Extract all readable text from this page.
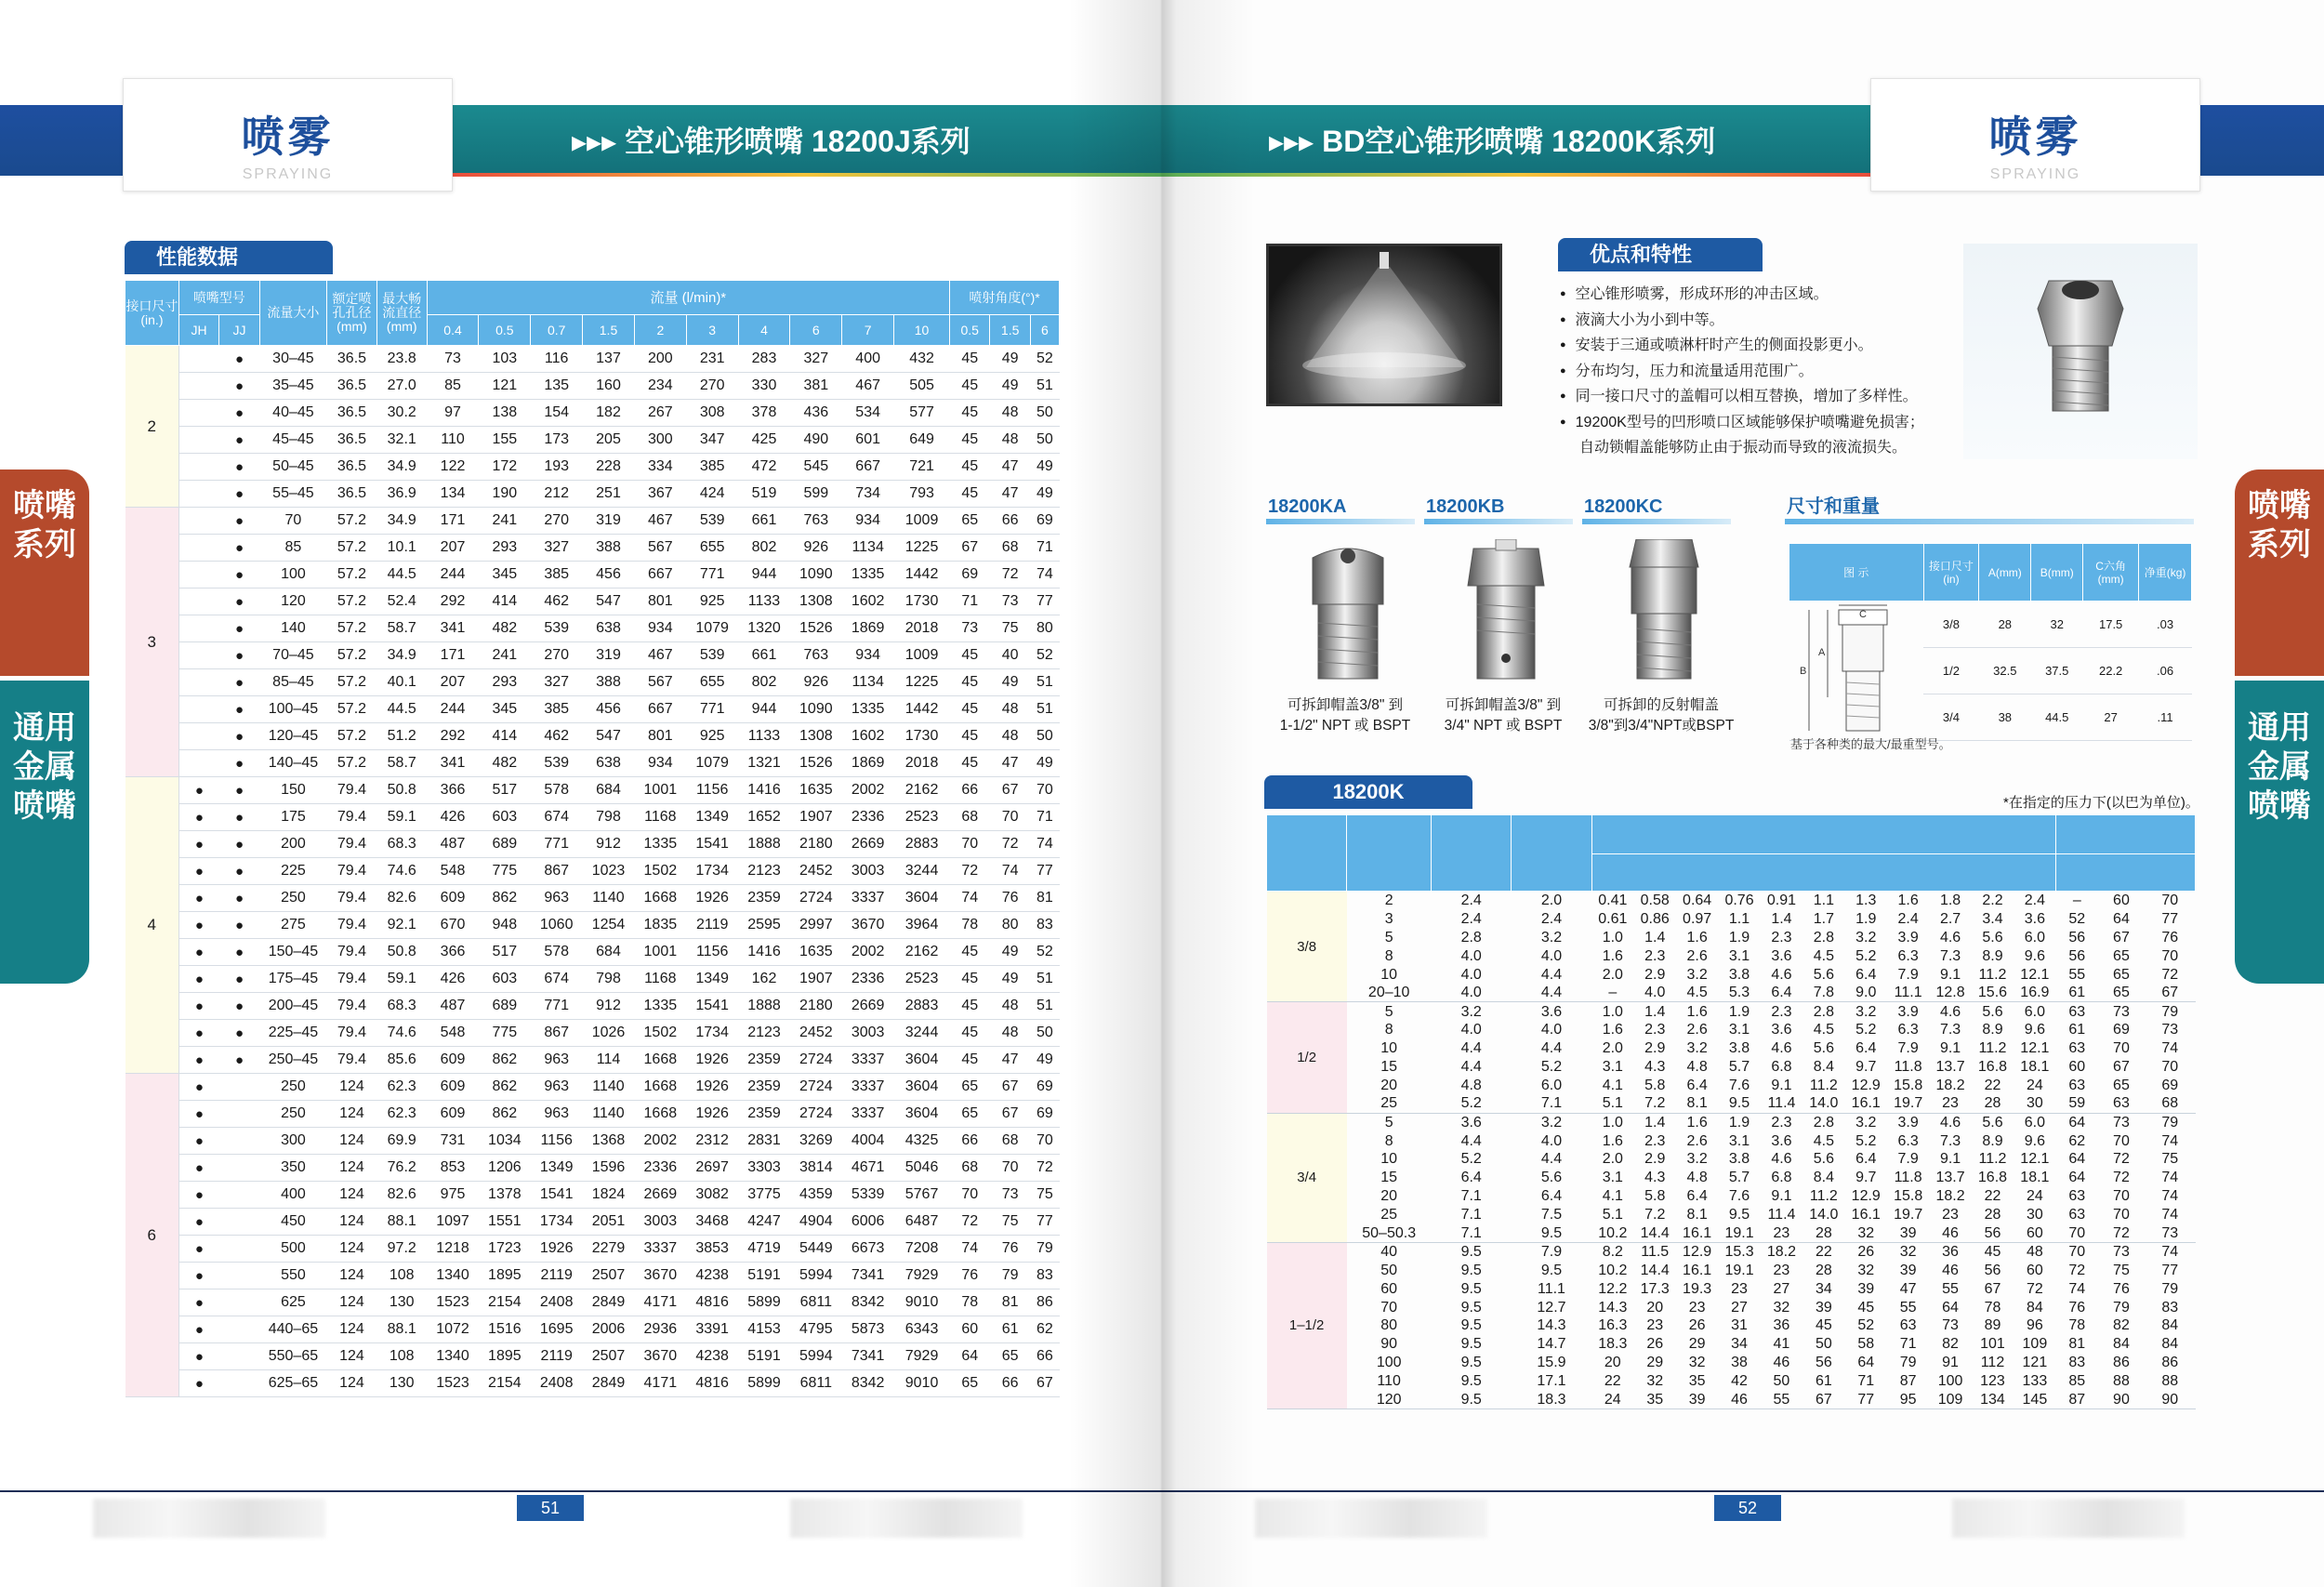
喷雾
SPRAYING
▸▸▸ 空心锥形喷嘴 18200J系列
喷嘴系列
通用金属喷嘴
性能数据
接口尺寸(in.)	喷嘴型号		流量大小	额定喷孔孔径(mm)	最大畅流直径(mm)	流量 (l/min)*										喷射角度(°)*		
	JH	JJ				0.4	0.5	0.7	1.5	2	3	4	6	7	10	0.5	1.5	6
2		●	30–45	36.5	23.8	73	103	116	137	200	231	283	327	400	432	45	49	52
		●	35–45	36.5	27.0	85	121	135	160	234	270	330	381	467	505	45	49	51
		●	40–45	36.5	30.2	97	138	154	182	267	308	378	436	534	577	45	48	50
		●	45–45	36.5	32.1	110	155	173	205	300	347	425	490	601	649	45	48	50
		●	50–45	36.5	34.9	122	172	193	228	334	385	472	545	667	721	45	47	49
		●	55–45	36.5	36.9	134	190	212	251	367	424	519	599	734	793	45	47	49
3		●	70	57.2	34.9	171	241	270	319	467	539	661	763	934	1009	65	66	69
		●	85	57.2	10.1	207	293	327	388	567	655	802	926	1134	1225	67	68	71
		●	100	57.2	44.5	244	345	385	456	667	771	944	1090	1335	1442	69	72	74
		●	120	57.2	52.4	292	414	462	547	801	925	1133	1308	1602	1730	71	73	77
		●	140	57.2	58.7	341	482	539	638	934	1079	1320	1526	1869	2018	73	75	80
		●	70–45	57.2	34.9	171	241	270	319	467	539	661	763	934	1009	45	40	52
		●	85–45	57.2	40.1	207	293	327	388	567	655	802	926	1134	1225	45	49	51
		●	100–45	57.2	44.5	244	345	385	456	667	771	944	1090	1335	1442	45	48	51
		●	120–45	57.2	51.2	292	414	462	547	801	925	1133	1308	1602	1730	45	48	50
		●	140–45	57.2	58.7	341	482	539	638	934	1079	1321	1526	1869	2018	45	47	49
4	●	●	150	79.4	50.8	366	517	578	684	1001	1156	1416	1635	2002	2162	66	67	70
	●	●	175	79.4	59.1	426	603	674	798	1168	1349	1652	1907	2336	2523	68	70	71
	●	●	200	79.4	68.3	487	689	771	912	1335	1541	1888	2180	2669	2883	70	72	74
	●	●	225	79.4	74.6	548	775	867	1023	1502	1734	2123	2452	3003	3244	72	74	77
	●	●	250	79.4	82.6	609	862	963	1140	1668	1926	2359	2724	3337	3604	74	76	81
	●	●	275	79.4	92.1	670	948	1060	1254	1835	2119	2595	2997	3670	3964	78	80	83
	●	●	150–45	79.4	50.8	366	517	578	684	1001	1156	1416	1635	2002	2162	45	49	52
	●	●	175–45	79.4	59.1	426	603	674	798	1168	1349	162	1907	2336	2523	45	49	51
	●	●	200–45	79.4	68.3	487	689	771	912	1335	1541	1888	2180	2669	2883	45	48	51
	●	●	225–45	79.4	74.6	548	775	867	1026	1502	1734	2123	2452	3003	3244	45	48	50
	●	●	250–45	79.4	85.6	609	862	963	114	1668	1926	2359	2724	3337	3604	45	47	49
6	●		250	124	62.3	609	862	963	1140	1668	1926	2359	2724	3337	3604	65	67	69
	●		250	124	62.3	609	862	963	1140	1668	1926	2359	2724	3337	3604	65	67	69
	●		300	124	69.9	731	1034	1156	1368	2002	2312	2831	3269	4004	4325	66	68	70
	●		350	124	76.2	853	1206	1349	1596	2336	2697	3303	3814	4671	5046	68	70	72
	●		400	124	82.6	975	1378	1541	1824	2669	3082	3775	4359	5339	5767	70	73	75
	●		450	124	88.1	1097	1551	1734	2051	3003	3468	4247	4904	6006	6487	72	75	77
	●		500	124	97.2	1218	1723	1926	2279	3337	3853	4719	5449	6673	7208	74	76	79
	●		550	124	108	1340	1895	2119	2507	3670	4238	5191	5994	7341	7929	76	79	83
	●		625	124	130	1523	2154	2408	2849	4171	4816	5899	6811	8342	9010	78	81	86
	●		440–65	124	88.1	1072	1516	1695	2006	2936	3391	4153	4795	5873	6343	60	61	62
	●		550–65	124	108	1340	1895	2119	2507	3670	4238	5191	5994	7341	7929	64	65	66
	●		625–65	124	130	1523	2154	2408	2849	4171	4816	5899	6811	8342	9010	65	66	67
51
喷雾
SPRAYING
▸▸▸ BD空心锥形喷嘴 18200K系列
喷嘴系列
通用金属喷嘴
优点和特性
● 空心锥形喷雾，形成环形的冲击区域。
● 液滴大小为小到中等。
● 安装于三通或喷淋杆时产生的侧面投影更小。
● 分布均匀，压力和流量适用范围广。
● 同一接口尺寸的盖帽可以相互替换，增加了多样性。
● 19200K型号的凹形喷口区域能够保护喷嘴避免损害；
自动锁帽盖能够防止由于振动而导致的液流损失。
18200KA	18200KB	18200KC
可拆卸帽盖3/8" 到
1-1/2" NPT 或 BSPT
可拆卸帽盖3/8" 到
3/4" NPT 或 BSPT
可拆卸的反射帽盖
3/8"到3/4"NPT或BSPT
尺寸和重量
图 示	接口尺寸(in)	A(mm)	B(mm)	C六角(mm)	净重(kg)
	3/8	28	32	17.5	.03
	1/2	32.5	37.5	22.2	.06
	3/4	38	44.5	27	.11
B
A
C
基于各种类的最大/最重型号。
18200K	*在指定的压力下(以巴为单位)。

3/8	2	2.4	2.0	0.41	0.58	0.64	0.76	0.91	1.1	1.3	1.6	1.8	2.2	2.4	–	60	70
	3	2.4	2.4	0.61	0.86	0.97	1.1	1.4	1.7	1.9	2.4	2.7	3.4	3.6	52	64	77
	5	2.8	3.2	1.0	1.4	1.6	1.9	2.3	2.8	3.2	3.9	4.6	5.6	6.0	56	67	76
	8	4.0	4.0	1.6	2.3	2.6	3.1	3.6	4.5	5.2	6.3	7.3	8.9	9.6	56	65	70
	10	4.0	4.4	2.0	2.9	3.2	3.8	4.6	5.6	6.4	7.9	9.1	11.2	12.1	55	65	72
	20–10	4.0	4.4	–	4.0	4.5	5.3	6.4	7.8	9.0	11.1	12.8	15.6	16.9	61	65	67
1/2	5	3.2	3.6	1.0	1.4	1.6	1.9	2.3	2.8	3.2	3.9	4.6	5.6	6.0	63	73	79
	8	4.0	4.0	1.6	2.3	2.6	3.1	3.6	4.5	5.2	6.3	7.3	8.9	9.6	61	69	73
	10	4.4	4.4	2.0	2.9	3.2	3.8	4.6	5.6	6.4	7.9	9.1	11.2	12.1	63	70	74
	15	4.4	5.2	3.1	4.3	4.8	5.7	6.8	8.4	9.7	11.8	13.7	16.8	18.1	60	67	70
	20	4.8	6.0	4.1	5.8	6.4	7.6	9.1	11.2	12.9	15.8	18.2	22	24	63	65	69
	25	5.2	7.1	5.1	7.2	8.1	9.5	11.4	14.0	16.1	19.7	23	28	30	59	63	68
3/4	5	3.6	3.2	1.0	1.4	1.6	1.9	2.3	2.8	3.2	3.9	4.6	5.6	6.0	64	73	79
	8	4.4	4.0	1.6	2.3	2.6	3.1	3.6	4.5	5.2	6.3	7.3	8.9	9.6	62	70	74
	10	5.2	4.4	2.0	2.9	3.2	3.8	4.6	5.6	6.4	7.9	9.1	11.2	12.1	64	72	75
	15	6.4	5.6	3.1	4.3	4.8	5.7	6.8	8.4	9.7	11.8	13.7	16.8	18.1	64	72	74
	20	7.1	6.4	4.1	5.8	6.4	7.6	9.1	11.2	12.9	15.8	18.2	22	24	63	70	74
	25	7.1	7.5	5.1	7.2	8.1	9.5	11.4	14.0	16.1	19.7	23	28	30	63	70	74
	50–50.3	7.1	9.5	10.2	14.4	16.1	19.1	23	28	32	39	46	56	60	70	72	73
1–1/2	40	9.5	7.9	8.2	11.5	12.9	15.3	18.2	22	26	32	36	45	48	70	73	74
	50	9.5	9.5	10.2	14.4	16.1	19.1	23	28	32	39	46	56	60	72	75	77
	60	9.5	11.1	12.2	17.3	19.3	23	27	34	39	47	55	67	72	74	76	79
	70	9.5	12.7	14.3	20	23	27	32	39	45	55	64	78	84	76	79	83
	80	9.5	14.3	16.3	23	26	31	36	45	52	63	73	89	96	78	82	84
	90	9.5	14.7	18.3	26	29	34	41	50	58	71	82	101	109	81	84	84
	100	9.5	15.9	20	29	32	38	46	56	64	79	91	112	121	83	86	86
	110	9.5	17.1	22	32	35	42	50	61	71	87	100	123	133	85	88	88
	120	9.5	18.3	24	35	39	46	55	67	77	95	109	134	145	87	90	90
52
